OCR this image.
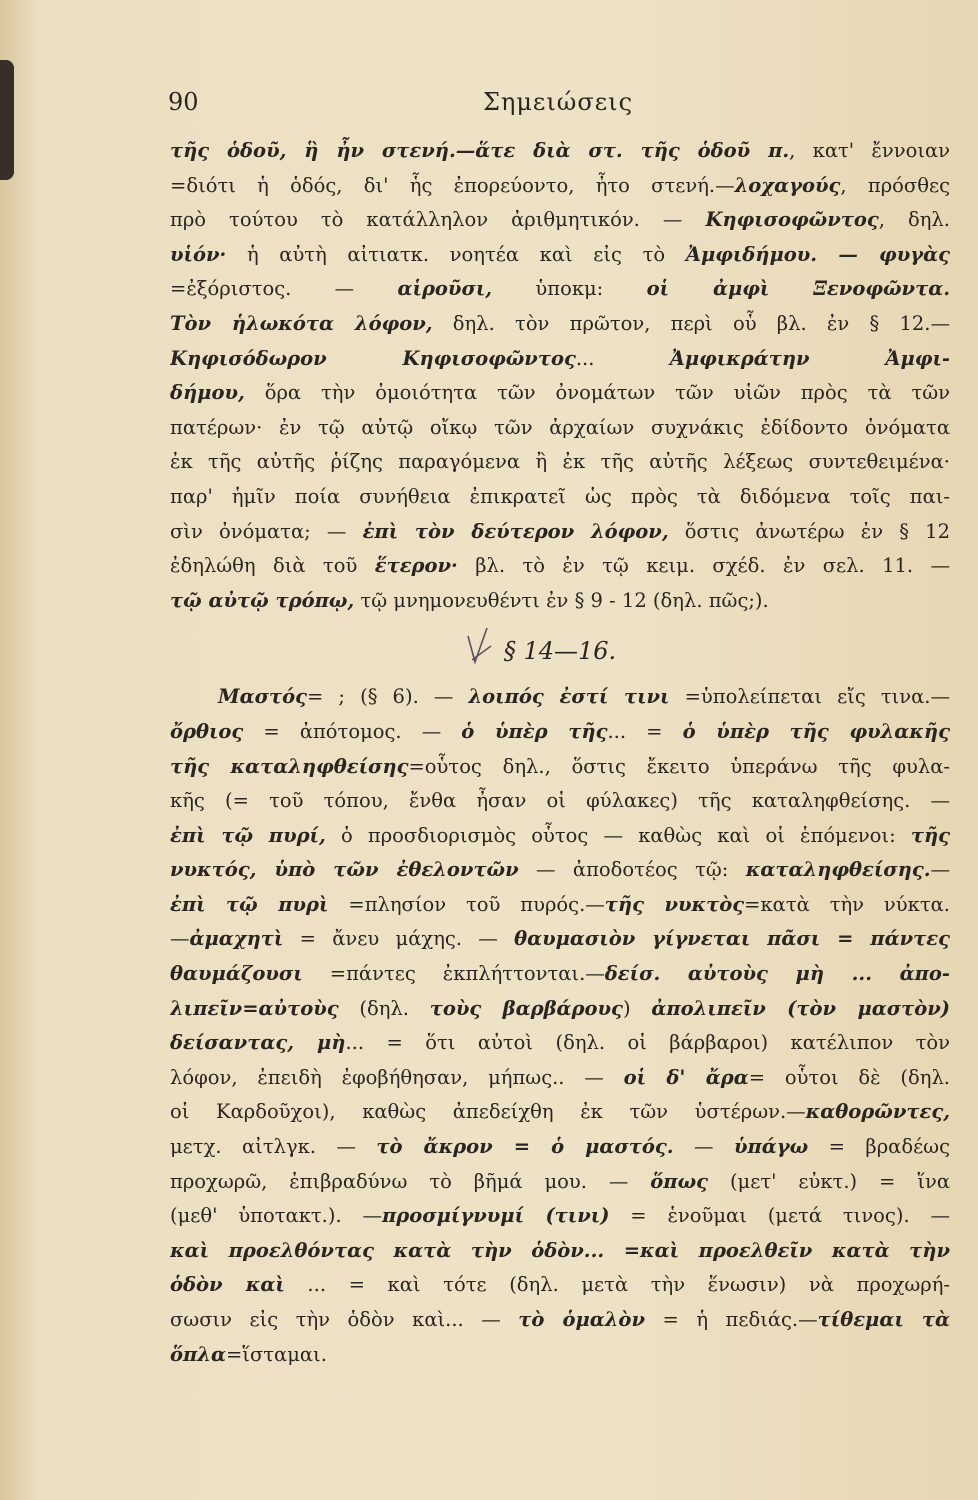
Σημειώσεις
90
τῆς ὁδοῦ, ἣ ἦν στενή.—ἅτε διὰ στ. τῆς ὁδοῦ π., κατ' ἔννοιαν
=διότι ἡ ὁδός, δι' ἧς ἐπορεύοντο, ἦτο στενή.—λοχαγούς, πρόσθες
πρὸ τούτου τὸ κατάλληλον ἀριθμητικόν. — Κηφισοφῶντος, δηλ.
υἱόν· ἡ αὐτὴ αἰτιατκ. νοητέα καὶ εἰς τὸ Ἀμφιδήμου. — φυγὰς
=ἐξόριστος. — αἱροῦσι, ὑποκμ: οἱ ἀμφὶ Ξενοφῶντα.
Τὸν ἡλωκότα λόφον, δηλ. τὸν πρῶτον, περὶ οὗ βλ. ἐν § 12.—
Κηφισόδωρον Κηφισοφῶντος... Ἀμφικράτην Ἀμφι-
δήμου, ὅρα τὴν ὁμοιότητα τῶν ὀνομάτων τῶν υἱῶν πρὸς τὰ τῶν
πατέρων· ἐν τῷ αὐτῷ οἴκῳ τῶν ἀρχαίων συχνάκις ἐδίδοντο ὀνόματα
ἐκ τῆς αὐτῆς ῥίζης παραγόμενα ἢ ἐκ τῆς αὐτῆς λέξεως συντεθειμένα·
παρ' ἡμῖν ποία συνήθεια ἐπικρατεῖ ὡς πρὸς τὰ διδόμενα τοῖς παι-
σὶν ὀνόματα; — ἐπὶ τὸν δεύτερον λόφον, ὅστις ἀνωτέρω ἐν § 12
ἐδηλώθη διὰ τοῦ ἕτερον· βλ. τὸ ἐν τῷ κειμ. σχέδ. ἐν σελ. 11. —
τῷ αὐτῷ τρόπῳ, τῷ μνημονευθέντι ἐν § 9 - 12 (δηλ. πῶς;).
§ 14—16.
Μαστός= ; (§ 6). — λοιπός ἐστί τινι =ὑπολείπεται εἴς τινα.—
ὄρθιος = ἀπότομος. — ὁ ὑπὲρ τῆς... = ὁ ὑπὲρ τῆς φυλακῆς
τῆς καταληφθείσης=οὗτος δηλ., ὅστις ἔκειτο ὑπεράνω τῆς φυλα-
κῆς (= τοῦ τόπου, ἔνθα ἦσαν οἱ φύλακες) τῆς καταληφθείσης. —
ἐπὶ τῷ πυρί, ὁ προσδιορισμὸς οὗτος — καθὼς καὶ οἱ ἑπόμενοι: τῆς
νυκτός, ὑπὸ τῶν ἐθελοντῶν — ἀποδοτέος τῷ: καταληφθείσης.—
ἐπὶ τῷ πυρὶ =πλησίον τοῦ πυρός.—τῆς νυκτὸς=κατὰ τὴν νύκτα.
—ἀμαχητὶ = ἄνευ μάχης. — θαυμασιὸν γίγνεται πᾶσι = πάντες
θαυμάζουσι =πάντες ἐκπλήττονται.—δείσ. αὐτοὺς μὴ ... ἀπο-
λιπεῖν=αὐτοὺς (δηλ. τοὺς βαρβάρους) ἀπολιπεῖν (τὸν μαστὸν)
δείσαντας, μὴ... = ὅτι αὐτοὶ (δηλ. οἱ βάρβαροι) κατέλιπον τὸν
λόφον, ἐπειδὴ ἐφοβήθησαν, μήπως.. — οἱ δ' ἄρα= οὗτοι δὲ (δηλ.
οἱ Καρδοῦχοι), καθὼς ἀπεδείχθη ἐκ τῶν ὑστέρων.—καθορῶντες,
μετχ. αἰτλγκ. — τὸ ἄκρον = ὁ μαστός. — ὑπάγω = βραδέως
προχωρῶ, ἐπιβραδύνω τὸ βῆμά μου. — ὅπως (μετ' εὐκτ.) = ἵνα
(μεθ' ὑποτακτ.). —προσμίγνυμί (τινι) = ἑνοῦμαι (μετά τινος). —
καὶ προελθόντας κατὰ τὴν ὁδὸν... =καὶ προελθεῖν κατὰ τὴν
ὁδὸν καὶ ... = καὶ τότε (δηλ. μετὰ τὴν ἕνωσιν) νὰ προχωρή-
σωσιν εἰς τὴν ὁδὸν καὶ... — τὸ ὁμαλὸν = ἡ πεδιάς.—τίθεμαι τὰ
ὅπλα=ἵσταμαι.
